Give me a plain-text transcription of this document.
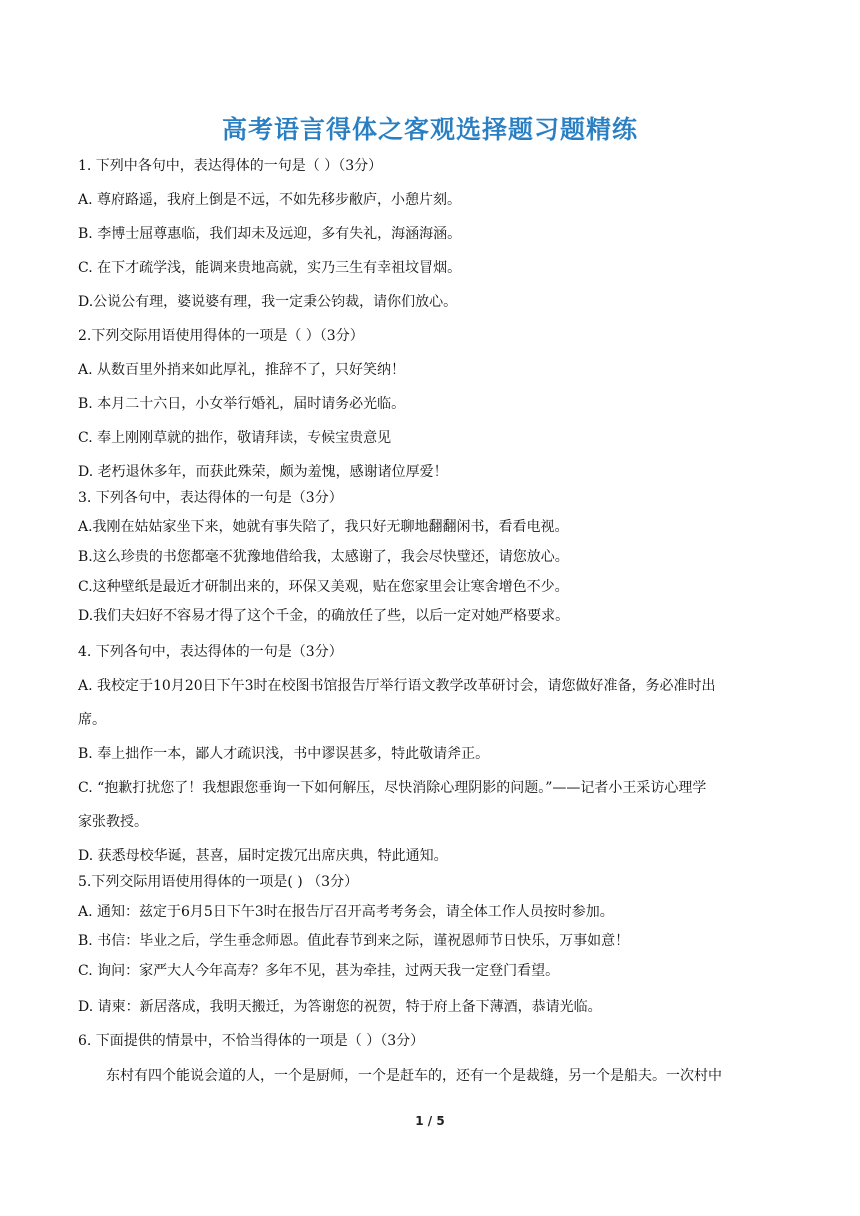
高考语言得体之客观选择题习题精练

1. 下列中各句中，表达得体的一句是（ ）（3分）

A. 尊府路遥，我府上倒是不远，不如先移步敝庐，小憩片刻。

B. 李博士屈尊惠临，我们却未及远迎，多有失礼，海涵海涵。

C. 在下才疏学浅，能调来贵地高就，实乃三生有幸祖坟冒烟。

D.公说公有理，婆说婆有理，我一定秉公钧裁，请你们放心。

2.下列交际用语使用得体的一项是（ ）（3分）

A. 从数百里外捎来如此厚礼，推辞不了，只好笑纳！

B. 本月二十六日，小女举行婚礼，届时请务必光临。

C. 奉上刚刚草就的拙作，敬请拜读，专候宝贵意见

D. 老朽退休多年，而获此殊荣，颇为羞愧，感谢诸位厚爱！

3. 下列各句中，表达得体的一句是（3分）

A.我刚在姑姑家坐下来，她就有事失陪了，我只好无聊地翻翻闲书，看看电视。

B.这么珍贵的书您都毫不犹豫地借给我，太感谢了，我会尽快璧还，请您放心。

C.这种壁纸是最近才研制出来的，环保又美观，贴在您家里会让寒舍增色不少。

D.我们夫妇好不容易才得了这个千金，的确放任了些，以后一定对她严格要求。

4. 下列各句中，表达得体的一句是（3分）

A. 我校定于10月20日下午3时在校图书馆报告厅举行语文教学改革研讨会，请您做好准备，务必准时出

席。

B. 奉上拙作一本，鄙人才疏识浅，书中谬误甚多，特此敬请斧正。

C. “抱歉打扰您了！我想跟您垂询一下如何解压，尽快消除心理阴影的问题。”——记者小王采访心理学

家张教授。

D. 获悉母校华诞，甚喜，届时定拨冗出席庆典，特此通知。

5.下列交际用语使用得体的一项是( ) （3分）

A. 通知：兹定于6月5日下午3时在报告厅召开高考考务会，请全体工作人员按时参加。

B. 书信：毕业之后，学生垂念师恩。值此春节到来之际，谨祝恩师节日快乐，万事如意！

C. 询问：家严大人今年高寿？多年不见，甚为牵挂，过两天我一定登门看望。

D. 请柬：新居落成，我明天搬迁，为答谢您的祝贺，特于府上备下薄酒，恭请光临。

6. 下面提供的情景中，不恰当得体的一项是（ ）（3分）

东村有四个能说会道的人，一个是厨师，一个是赶车的，还有一个是裁缝，另一个是船夫。一次村中

1 / 5
